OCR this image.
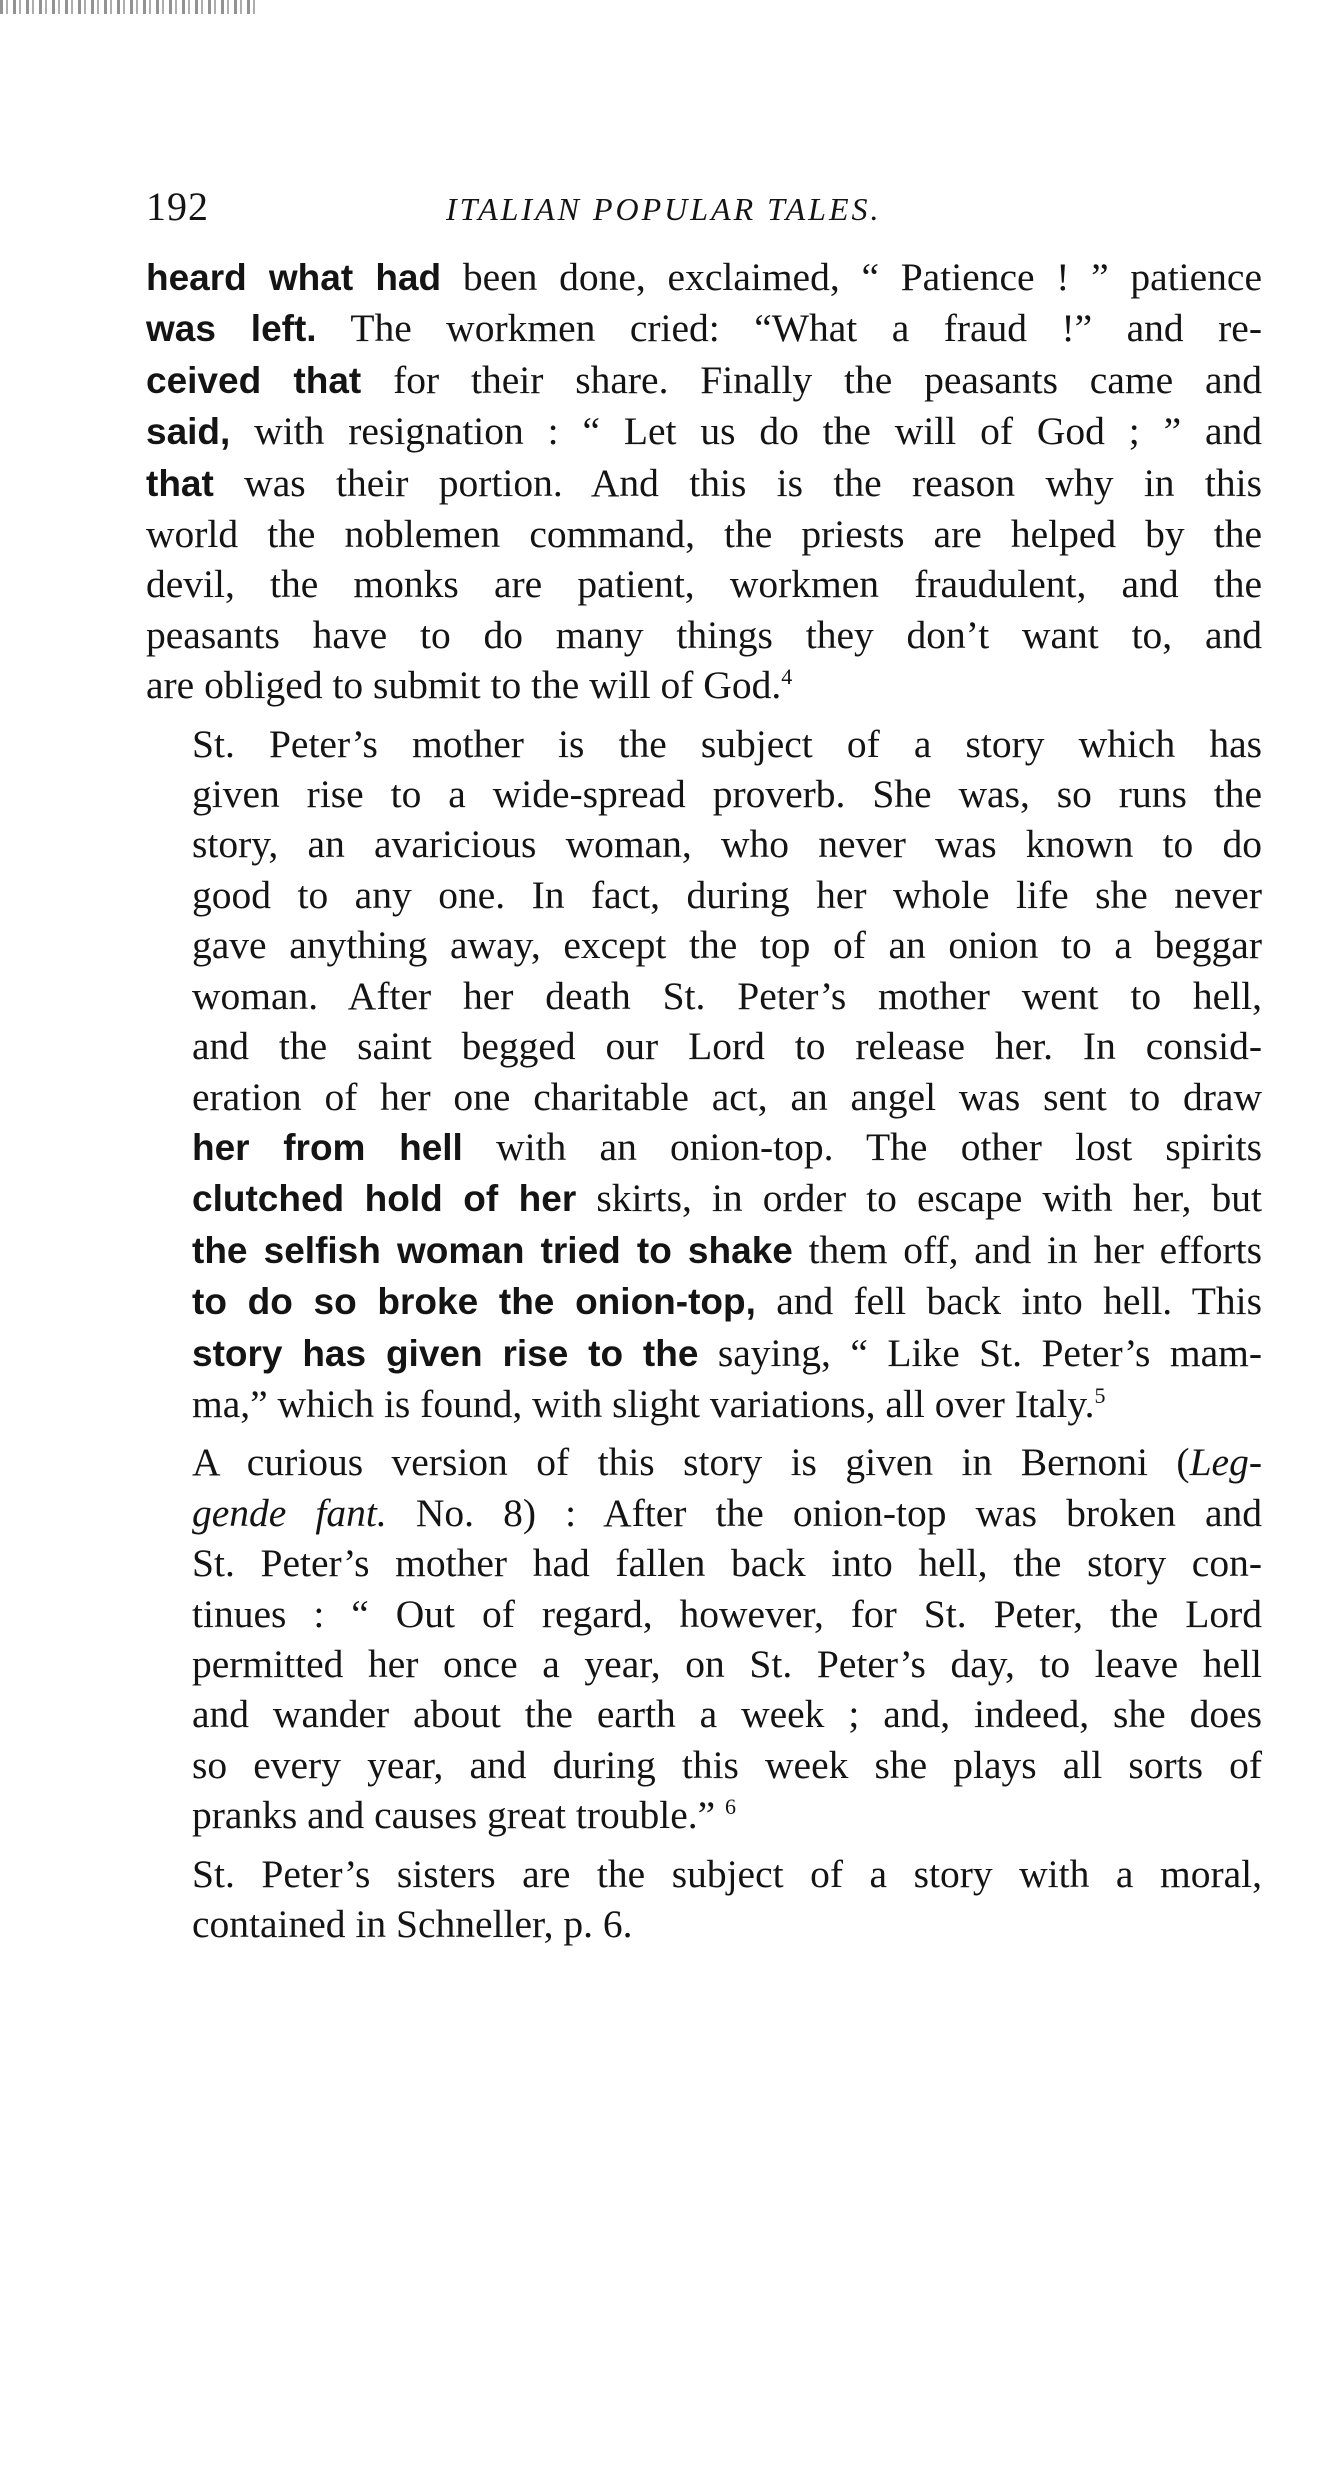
192	ITALIAN POPULAR TALES.
heard what had been done, exclaimed, “ Patience ! ” patience
was left. The workmen cried: “What a fraud !” and re-
ceived that for their share. Finally the peasants came and
said, with resignation : “ Let us do the will of God ; ” and
that was their portion. And this is the reason why in this
world the noblemen command, the priests are helped by the
devil, the monks are patient, workmen fraudulent, and the
peasants have to do many things they don’t want to, and
are obliged to submit to the will of God.$^4$
St. Peter’s mother is the subject of a story which has
given rise to a wide-spread proverb. She was, so runs the
story, an avaricious woman, who never was known to do
good to any one. In fact, during her whole life she never
gave anything away, except the top of an onion to a beggar
woman. After her death St. Peter’s mother went to hell,
and the saint begged our Lord to release her. In consid-
eration of her one charitable act, an angel was sent to draw
her from hell with an onion-top. The other lost spirits
clutched hold of her skirts, in order to escape with her, but
the selfish woman tried to shake them off, and in her efforts
to do so broke the onion-top, and fell back into hell. This
story has given rise to the saying, “ Like St. Peter’s mam-
ma,” which is found, with slight variations, all over Italy.$^5$
A curious version of this story is given in Bernoni (Leg-
gende fant. No. 8) : After the onion-top was broken and
St. Peter’s mother had fallen back into hell, the story con-
tinues : “ Out of regard, however, for St. Peter, the Lord
permitted her once a year, on St. Peter’s day, to leave hell
and wander about the earth a week ; and, indeed, she does
so every year, and during this week she plays all sorts of
pranks and causes great trouble.” $^6$
St. Peter’s sisters are the subject of a story with a moral,
contained in Schneller, p. 6.
